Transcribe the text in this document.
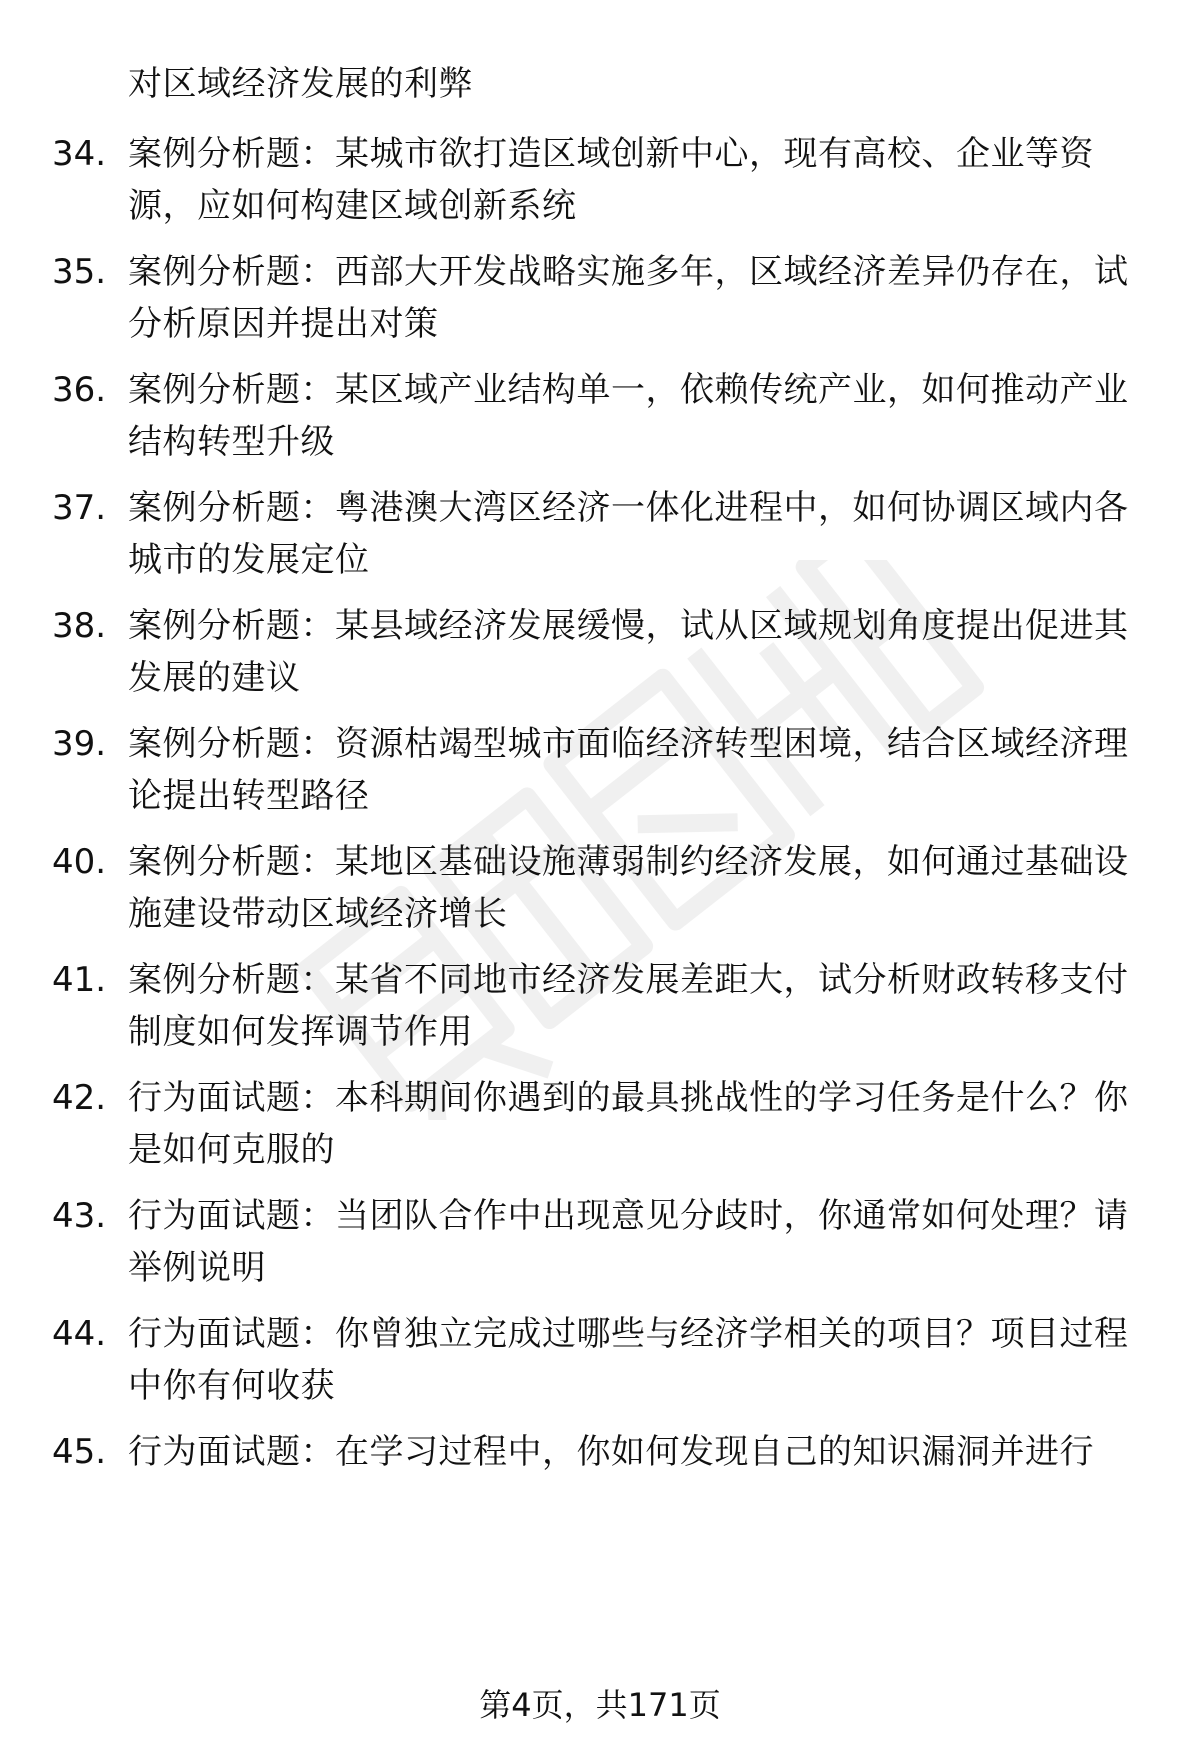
对区域经济发展的利弊
34. 案例分析题：某城市欲打造区域创新中心，现有高校、企业等资源，应如何构建区域创新系统
35. 案例分析题：西部大开发战略实施多年，区域经济差异仍存在，试分析原因并提出对策
36. 案例分析题：某区域产业结构单一，依赖传统产业，如何推动产业结构转型升级
37. 案例分析题：粤港澳大湾区经济一体化进程中，如何协调区域内各城市的发展定位
38. 案例分析题：某县域经济发展缓慢，试从区域规划角度提出促进其发展的建议
39. 案例分析题：资源枯竭型城市面临经济转型困境，结合区域经济理论提出转型路径
40. 案例分析题：某地区基础设施薄弱制约经济发展，如何通过基础设施建设带动区域经济增长
41. 案例分析题：某省不同地市经济发展差距大，试分析财政转移支付制度如何发挥调节作用
42. 行为面试题：本科期间你遇到的最具挑战性的学习任务是什么？你是如何克服的
43. 行为面试题：当团队合作中出现意见分歧时，你通常如何处理？请举例说明
44. 行为面试题：你曾独立完成过哪些与经济学相关的项目？项目过程中你有何收获
45. 行为面试题：在学习过程中，你如何发现自己的知识漏洞并进行
第4页，共171页
